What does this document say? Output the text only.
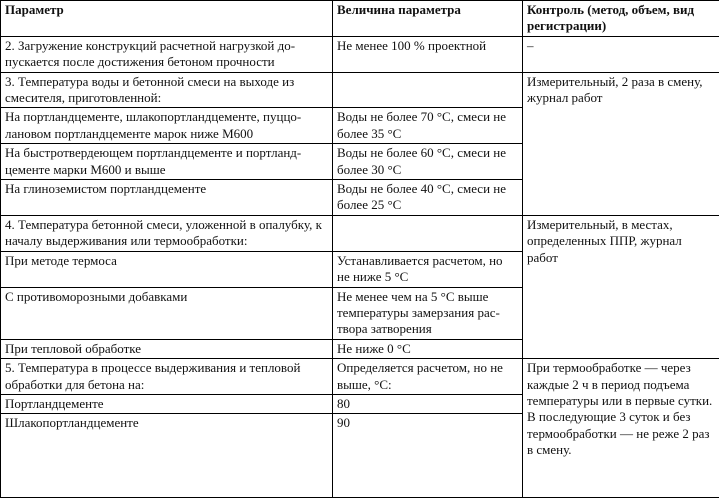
Параметр	Величина параметра	Контроль (метод, объем, вид регистрации)
2. Загружение конструкций расчетной нагрузкой до-пускается после достижения бетоном прочности	Не менее 100 % проектной	–
3. Температура воды и бетонной смеси на выходе из смесителя, приготовленной:		Измерительный, 2 раза в смену, журнал работ
На портландцементе, шлакопортландцементе, пуццо-лановом портландцементе марок ниже М600	Воды не более 70 °С, смеси не более 35 °С	
На быстротвердеющем портландцементе и портланд-цементе марки М600 и выше	Воды не более 60 °С, смеси не более 30 °С	
На глиноземистом портландцементе	Воды не более 40 °С, смеси не более 25 °С	
4. Температура бетонной смеси, уложенной в опалубку, к началу выдерживания или термообработки:		Измерительный, в местах, определенных ППР, журнал работ
При методе термоса	Устанавливается расчетом, но не ниже 5 °С	
С противоморозными добавками	Не менее чем на 5 °С выше температуры замерзания рас-твора затворения	
При тепловой обработке	Не ниже 0 °С	
5. Температура в процессе выдерживания и тепловой обработки для бетона на:	Определяется расчетом, но не выше, °С:	При термообработке — через каждые 2 ч в период подъема температуры или в первые сутки. В последующие 3 суток и без термообработки — не реже 2 раз в смену.
Портландцементе	80	
Шлакопортландцементе	90	
